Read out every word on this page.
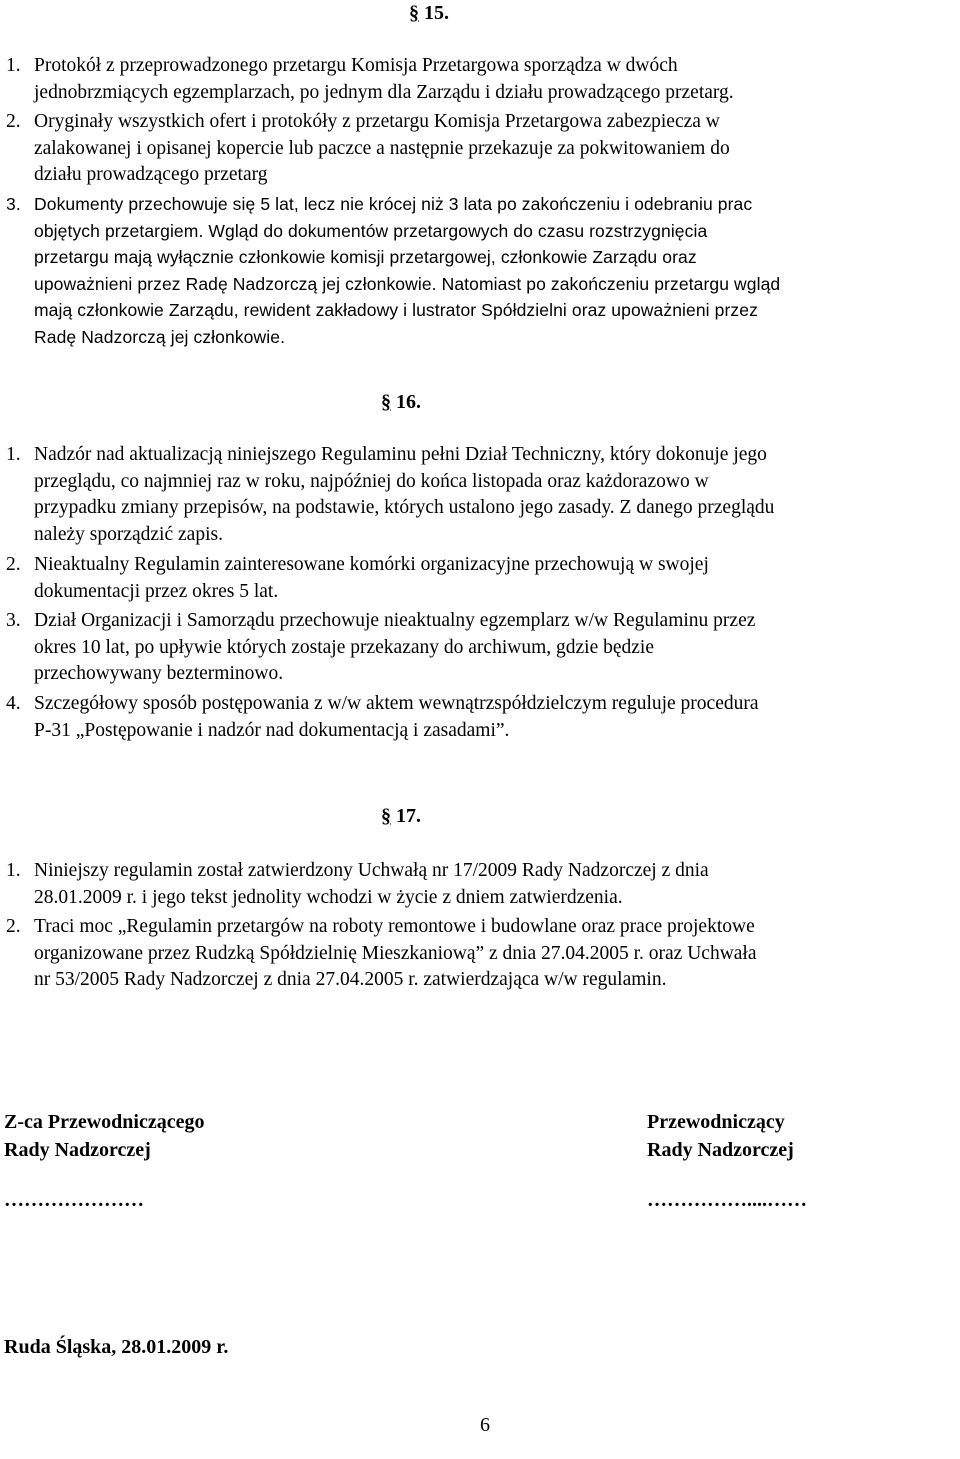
§ 15.
1. Protokół z przeprowadzonego przetargu Komisja Przetargowa sporządza w dwóch
jednobrzmiących egzemplarzach, po jednym dla Zarządu i działu prowadzącego przetarg.
2. Oryginały wszystkich ofert i protokóły z przetargu Komisja Przetargowa zabezpiecza w
zalakowanej i opisanej kopercie lub paczce a następnie przekazuje za pokwitowaniem do
działu prowadzącego przetarg
3. Dokumenty przechowuje się 5 lat, lecz nie krócej niż 3 lata po zakończeniu i odebraniu prac
objętych przetargiem. Wgląd do dokumentów przetargowych do czasu rozstrzygnięcia
przetargu mają wyłącznie członkowie komisji przetargowej, członkowie Zarządu oraz
upoważnieni przez Radę Nadzorczą jej członkowie. Natomiast po zakończeniu przetargu wgląd
mają członkowie Zarządu, rewident zakładowy i lustrator Spółdzielni oraz upoważnieni przez
Radę Nadzorczą jej członkowie.
§ 16.
1. Nadzór nad aktualizacją niniejszego Regulaminu pełni Dział Techniczny, który dokonuje jego
przeglądu, co najmniej raz w roku, najpóźniej do końca listopada oraz każdorazowo w
przypadku zmiany przepisów, na podstawie, których ustalono jego zasady. Z danego przeglądu
należy sporządzić zapis.
2. Nieaktualny Regulamin zainteresowane komórki organizacyjne przechowują w swojej
dokumentacji przez okres 5 lat.
3. Dział Organizacji i Samorządu przechowuje nieaktualny egzemplarz w/w Regulaminu przez
okres 10 lat, po upływie których zostaje przekazany do archiwum, gdzie będzie
przechowywany bezterminowo.
4. Szczegółowy sposób postępowania z w/w aktem wewnątrzspółdzielczym reguluje procedura
P-31 „Postępowanie i nadzór nad dokumentacją i zasadami”.
§ 17.
1. Niniejszy regulamin został zatwierdzony Uchwałą nr 17/2009 Rady Nadzorczej z dnia
28.01.2009 r. i jego tekst jednolity wchodzi w życie z dniem zatwierdzenia.
2. Traci moc „Regulamin przetargów na roboty remontowe i budowlane oraz prace projektowe
organizowane przez Rudzką Spółdzielnię Mieszkaniową” z dnia 27.04.2005 r. oraz Uchwała
nr 53/2005 Rady Nadzorczej z dnia 27.04.2005 r. zatwierdzająca w/w regulamin.
Z-ca Przewodniczącego
Rady Nadzorczej
…………………
Przewodniczący
Rady Nadzorczej
……………....……
Ruda Śląska, 28.01.2009 r.
6
